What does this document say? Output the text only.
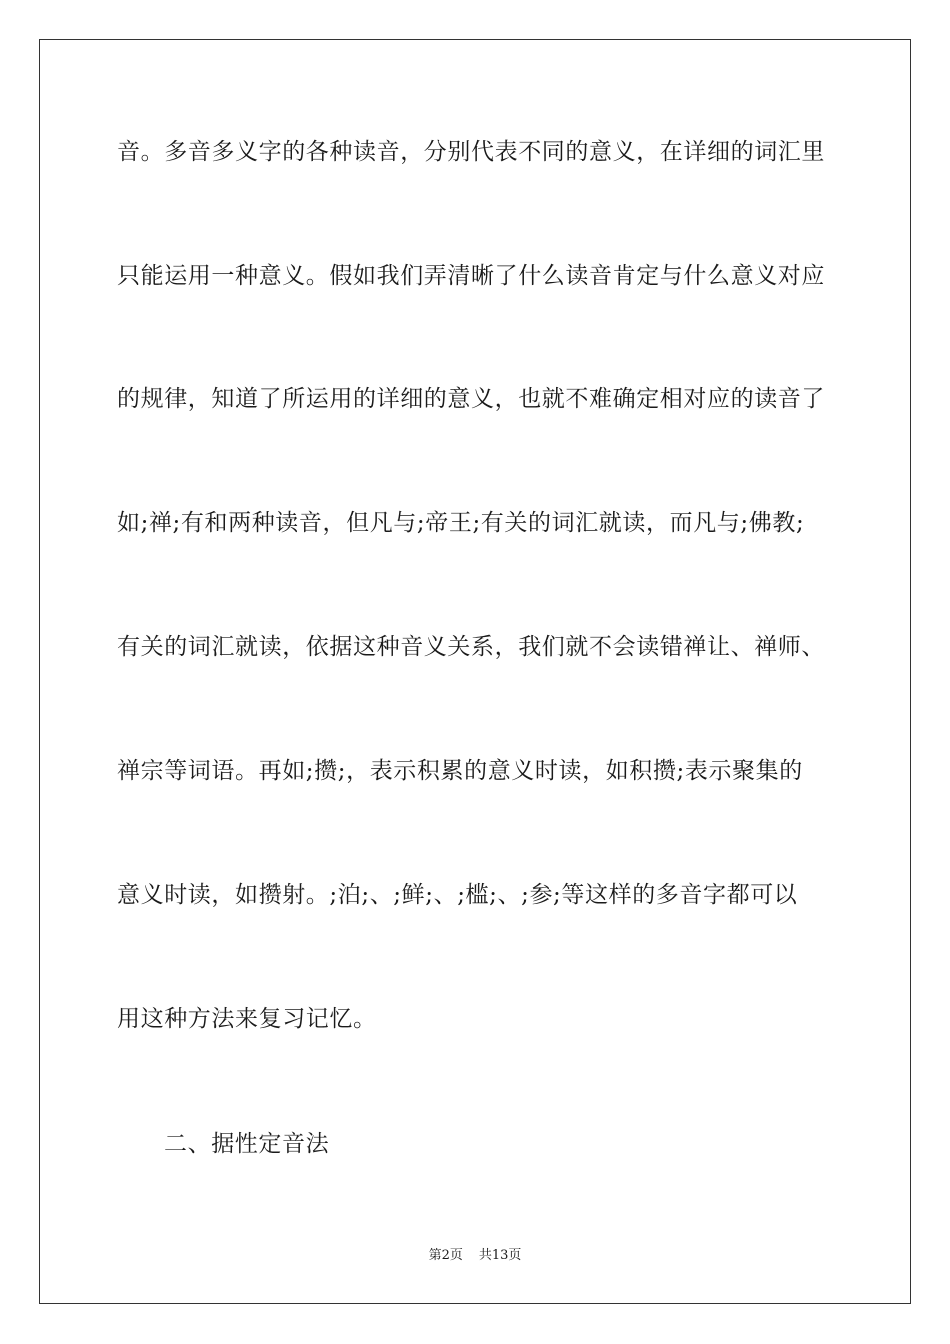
音。多音多义字的各种读音，分别代表不同的意义，在详细的词汇里
只能运用一种意义。假如我们弄清晰了什么读音肯定与什么意义对应
的规律，知道了所运用的详细的意义，也就不难确定相对应的读音了
如;禅;有和两种读音，但凡与;帝王;有关的词汇就读，而凡与;佛教;
有关的词汇就读，依据这种音义关系，我们就不会读错禅让、禅师、
禅宗等词语。再如;攒;，表示积累的意义时读，如积攒;表示聚集的
意义时读，如攒射。;泊;、;鲜;、;槛;、;参;等这样的多音字都可以
用这种方法来复习记忆。
二、据性定音法
第2页 共13页
